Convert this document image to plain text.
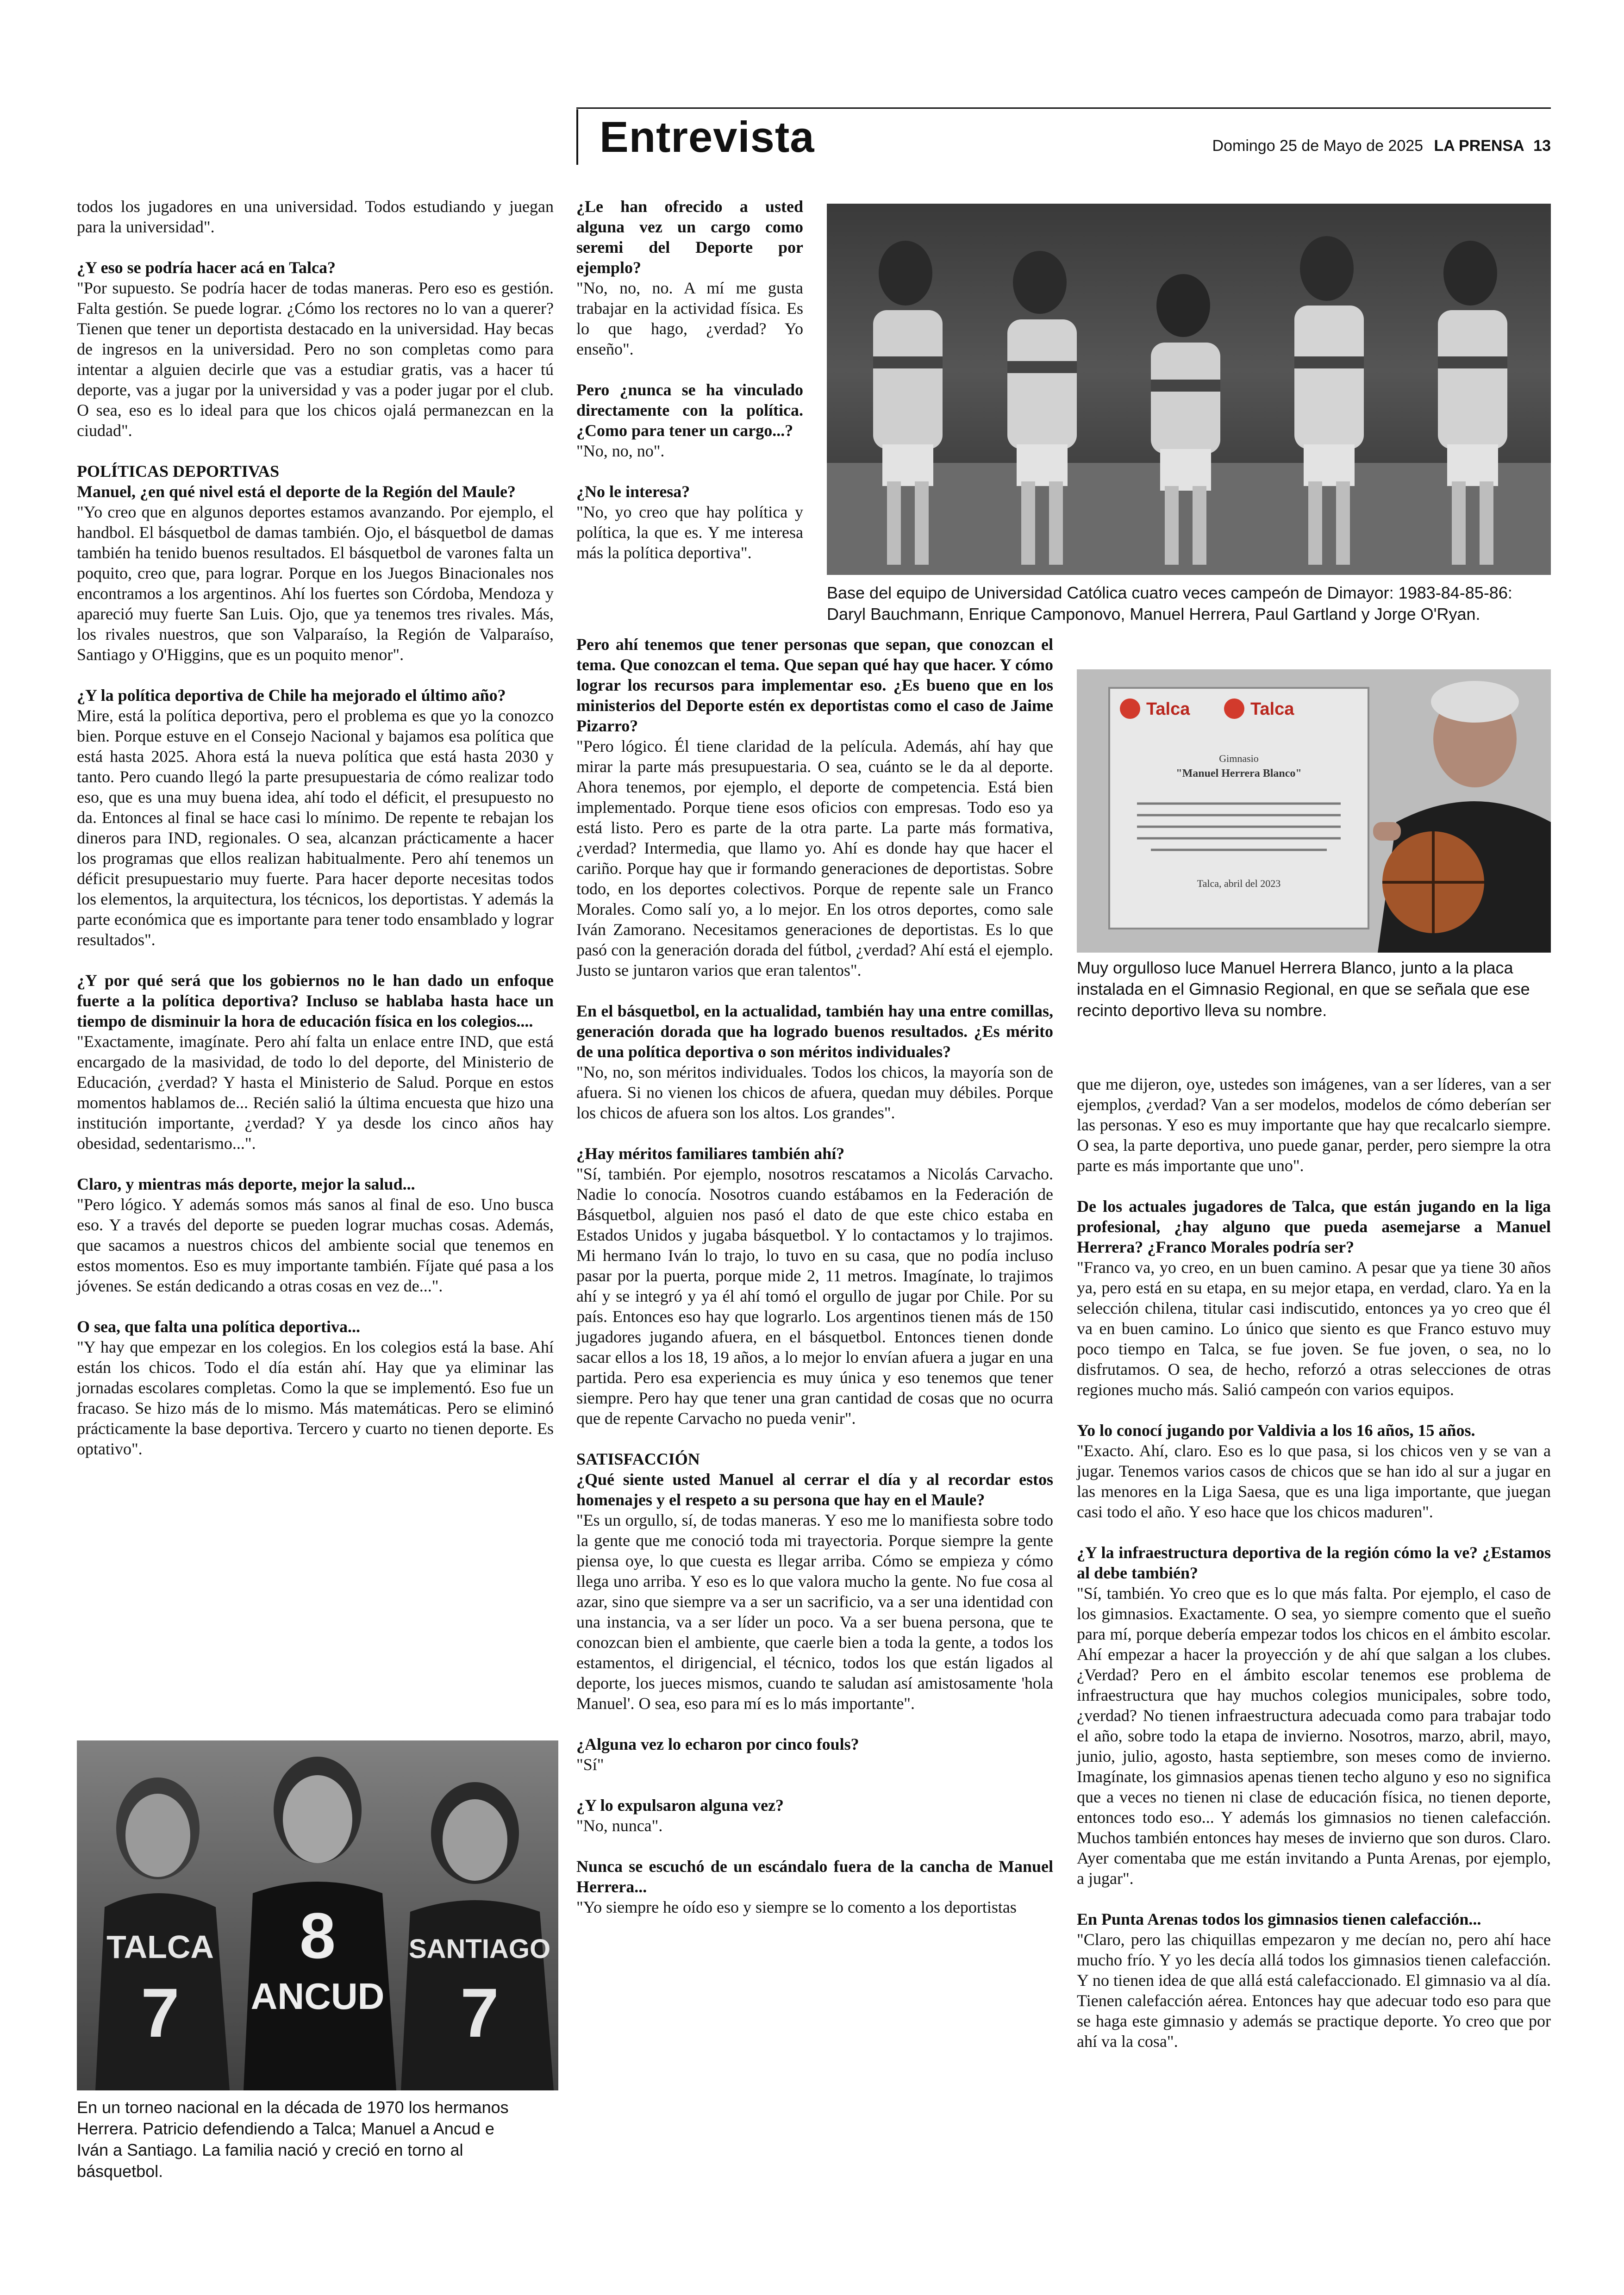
Entrevista	Domingo 25 de Mayo de 2025 LA PRENSA 13

todos los jugadores en una universidad. Todos estudiando y juegan para la universidad".

¿Y eso se podría hacer acá en Talca?
"Por supuesto. Se podría hacer de todas maneras. Pero eso es gestión. Falta gestión. Se puede lograr. ¿Cómo los rectores no lo van a querer? Tienen que tener un deportista destacado en la universidad. Hay becas de ingresos en la universidad. Pero no son completas como para intentar a alguien decirle que vas a estudiar gratis, vas a hacer tú deporte, vas a jugar por la universidad y vas a poder jugar por el club. O sea, eso es lo ideal para que los chicos ojalá permanezcan en la ciudad".

POLÍTICAS DEPORTIVAS
Manuel, ¿en qué nivel está el deporte de la Región del Maule?
"Yo creo que en algunos deportes estamos avanzando. Por ejemplo, el handbol. El básquetbol de damas también. Ojo, el básquetbol de damas también ha tenido buenos resultados. El básquetbol de varones falta un poquito, creo que, para lograr. Porque en los Juegos Binacionales nos encontramos a los argentinos. Ahí los fuertes son Córdoba, Mendoza y apareció muy fuerte San Luis. Ojo, que ya tenemos tres rivales. Más, los rivales nuestros, que son Valparaíso, la Región de Valparaíso, Santiago y O'Higgins, que es un poquito menor".

¿Y la política deportiva de Chile ha mejorado el último año?
Mire, está la política deportiva, pero el problema es que yo la conozco bien. Porque estuve en el Consejo Nacional y bajamos esa política que está hasta 2025. Ahora está la nueva política que está hasta 2030 y tanto. Pero cuando llegó la parte presupuestaria de cómo realizar todo eso, que es una muy buena idea, ahí todo el déficit, el presupuesto no da. Entonces al final se hace casi lo mínimo. De repente te rebajan los dineros para IND, regionales. O sea, alcanzan prácticamente a hacer los programas que ellos realizan habitualmente. Pero ahí tenemos un déficit presupuestario muy fuerte. Para hacer deporte necesitas todos los elementos, la arquitectura, los técnicos, los deportistas. Y además la parte económica que es importante para tener todo ensamblado y lograr resultados".

¿Y por qué será que los gobiernos no le han dado un enfoque fuerte a la política deportiva? Incluso se hablaba hasta hace un tiempo de disminuir la hora de educación física en los colegios....
"Exactamente, imagínate. Pero ahí falta un enlace entre IND, que está encargado de la masividad, de todo lo del deporte, del Ministerio de Educación, ¿verdad? Y hasta el Ministerio de Salud. Porque en estos momentos hablamos de... Recién salió la última encuesta que hizo una institución importante, ¿verdad? Y ya desde los cinco años hay obesidad, sedentarismo...".

Claro, y mientras más deporte, mejor la salud...
"Pero lógico. Y además somos más sanos al final de eso. Uno busca eso. Y a través del deporte se pueden lograr muchas cosas. Además, que sacamos a nuestros chicos del ambiente social que tenemos en estos momentos. Eso es muy importante también. Fíjate qué pasa a los jóvenes. Se están dedicando a otras cosas en vez de...".

O sea, que falta una política deportiva...
"Y hay que empezar en los colegios. En los colegios está la base. Ahí están los chicos. Todo el día están ahí. Hay que ya eliminar las jornadas escolares completas. Como la que se implementó. Eso fue un fracaso. Se hizo más de lo mismo. Más matemáticas. Pero se eliminó prácticamente la base deportiva. Tercero y cuarto no tienen deporte. Es optativo".

TALCA
7
8
ANCUD
SANTIAGO
7
En un torneo nacional en la década de 1970 los hermanos Herrera. Patricio defendiendo a Talca; Manuel a Ancud e Iván a Santiago. La familia nació y creció en torno al básquetbol.

¿Le han ofrecido a usted alguna vez un cargo como seremi del Deporte por ejemplo?
"No, no, no. A mí me gusta trabajar en la actividad física. Es lo que hago, ¿verdad? Yo enseño".

Pero ¿nunca se ha vinculado directamente con la política. ¿Como para tener un cargo...?
"No, no, no".

¿No le interesa?
"No, yo creo que hay política y política, la que es. Y me interesa más la política deportiva".

Pero ahí tenemos que tener personas que sepan, que conozcan el tema. Que conozcan el tema. Que sepan qué hay que hacer. Y cómo lograr los recursos para implementar eso. ¿Es bueno que en los ministerios del Deporte estén ex deportistas como el caso de Jaime Pizarro?
"Pero lógico. Él tiene claridad de la película. Además, ahí hay que mirar la parte más presupuestaria. O sea, cuánto se le da al deporte. Ahora tenemos, por ejemplo, el deporte de competencia. Está bien implementado. Porque tiene esos oficios con empresas. Todo eso ya está listo. Pero es parte de la otra parte. La parte más formativa, ¿verdad? Intermedia, que llamo yo. Ahí es donde hay que hacer el cariño. Porque hay que ir formando generaciones de deportistas. Sobre todo, en los deportes colectivos. Porque de repente sale un Franco Morales. Como salí yo, a lo mejor. En los otros deportes, como sale Iván Zamorano. Necesitamos generaciones de deportistas. Es lo que pasó con la generación dorada del fútbol, ¿verdad? Ahí está el ejemplo. Justo se juntaron varios que eran talentos".

En el básquetbol, en la actualidad, también hay una entre comillas, generación dorada que ha logrado buenos resultados. ¿Es mérito de una política deportiva o son méritos individuales?
"No, no, son méritos individuales. Todos los chicos, la mayoría son de afuera. Si no vienen los chicos de afuera, quedan muy débiles. Porque los chicos de afuera son los altos. Los grandes".

¿Hay méritos familiares también ahí?
"Sí, también. Por ejemplo, nosotros rescatamos a Nicolás Carvacho. Nadie lo conocía. Nosotros cuando estábamos en la Federación de Básquetbol, alguien nos pasó el dato de que este chico estaba en Estados Unidos y jugaba básquetbol. Y lo contactamos y lo trajimos. Mi hermano Iván lo trajo, lo tuvo en su casa, que no podía incluso pasar por la puerta, porque mide 2, 11 metros. Imagínate, lo trajimos ahí y se integró y ya él ahí tomó el orgullo de jugar por Chile. Por su país. Entonces eso hay que lograrlo. Los argentinos tienen más de 150 jugadores jugando afuera, en el básquetbol. Entonces tienen donde sacar ellos a los 18, 19 años, a lo mejor lo envían afuera a jugar en una partida. Pero esa experiencia es muy única y eso tenemos que tener siempre. Pero hay que tener una gran cantidad de cosas que no ocurra que de repente Carvacho no pueda venir".

SATISFACCIÓN
¿Qué siente usted Manuel al cerrar el día y al recordar estos homenajes y el respeto a su persona que hay en el Maule?
"Es un orgullo, sí, de todas maneras. Y eso me lo manifiesta sobre todo la gente que me conoció toda mi trayectoria. Porque siempre la gente piensa oye, lo que cuesta es llegar arriba. Cómo se empieza y cómo llega uno arriba. Y eso es lo que valora mucho la gente. No fue cosa al azar, sino que siempre va a ser un sacrificio, va a ser una identidad con una instancia, va a ser líder un poco. Va a ser buena persona, que te conozcan bien el ambiente, que caerle bien a toda la gente, a todos los estamentos, el dirigencial, el técnico, todos los que están ligados al deporte, los jueces mismos, cuando te saludan así amistosamente 'hola Manuel'. O sea, eso para mí es lo más importante".

¿Alguna vez lo echaron por cinco fouls?
"Sí"

¿Y lo expulsaron alguna vez?
"No, nunca".

Nunca se escuchó de un escándalo fuera de la cancha de Manuel Herrera...
"Yo siempre he oído eso y siempre se lo comento a los deportistas

Base del equipo de Universidad Católica cuatro veces campeón de Dimayor: 1983-84-85-86: Daryl Bauchmann, Enrique Camponovo, Manuel Herrera, Paul Gartland y Jorge O'Ryan.
Talca	Talca
Gimnasio
"Manuel Herrera Blanco"
Talca, abril del 2023
Muy orgulloso luce Manuel Herrera Blanco, junto a la placa instalada en el Gimnasio Regional, en que se señala que ese recinto deportivo lleva su nombre.

que me dijeron, oye, ustedes son imágenes, van a ser líderes, van a ser ejemplos, ¿verdad? Van a ser modelos, modelos de cómo deberían ser las personas. Y eso es muy importante que hay que recalcarlo siempre. O sea, la parte deportiva, uno puede ganar, perder, pero siempre la otra parte es más importante que uno".

De los actuales jugadores de Talca, que están jugando en la liga profesional, ¿hay alguno que pueda asemejarse a Manuel Herrera? ¿Franco Morales podría ser?
"Franco va, yo creo, en un buen camino. A pesar que ya tiene 30 años ya, pero está en su etapa, en su mejor etapa, en verdad, claro. Ya en la selección chilena, titular casi indiscutido, entonces ya yo creo que él va en buen camino. Lo único que siento es que Franco estuvo muy poco tiempo en Talca, se fue joven. Se fue joven, o sea, no lo disfrutamos. O sea, de hecho, reforzó a otras selecciones de otras regiones mucho más. Salió campeón con varios equipos.

Yo lo conocí jugando por Valdivia a los 16 años, 15 años.
"Exacto. Ahí, claro. Eso es lo que pasa, si los chicos ven y se van a jugar. Tenemos varios casos de chicos que se han ido al sur a jugar en las menores en la Liga Saesa, que es una liga importante, que juegan casi todo el año. Y eso hace que los chicos maduren".

¿Y la infraestructura deportiva de la región cómo la ve? ¿Estamos al debe también?
"Sí, también. Yo creo que es lo que más falta. Por ejemplo, el caso de los gimnasios. Exactamente. O sea, yo siempre comento que el sueño para mí, porque debería empezar todos los chicos en el ámbito escolar. Ahí empezar a hacer la proyección y de ahí que salgan a los clubes. ¿Verdad? Pero en el ámbito escolar tenemos ese problema de infraestructura que hay muchos colegios municipales, sobre todo, ¿verdad? No tienen infraestructura adecuada como para trabajar todo el año, sobre todo la etapa de invierno. Nosotros, marzo, abril, mayo, junio, julio, agosto, hasta septiembre, son meses como de invierno. Imagínate, los gimnasios apenas tienen techo alguno y eso no significa que a veces no tienen ni clase de educación física, no tienen deporte, entonces todo eso... Y además los gimnasios no tienen calefacción. Muchos también entonces hay meses de invierno que son duros. Claro. Ayer comentaba que me están invitando a Punta Arenas, por ejemplo, a jugar".

En Punta Arenas todos los gimnasios tienen calefacción...
"Claro, pero las chiquillas empezaron y me decían no, pero ahí hace mucho frío. Y yo les decía allá todos los gimnasios tienen calefacción. Y no tienen idea de que allá está calefaccionado. El gimnasio va al día. Tienen calefacción aérea. Entonces hay que adecuar todo eso para que se haga este gimnasio y además se practique deporte. Yo creo que por ahí va la cosa".
